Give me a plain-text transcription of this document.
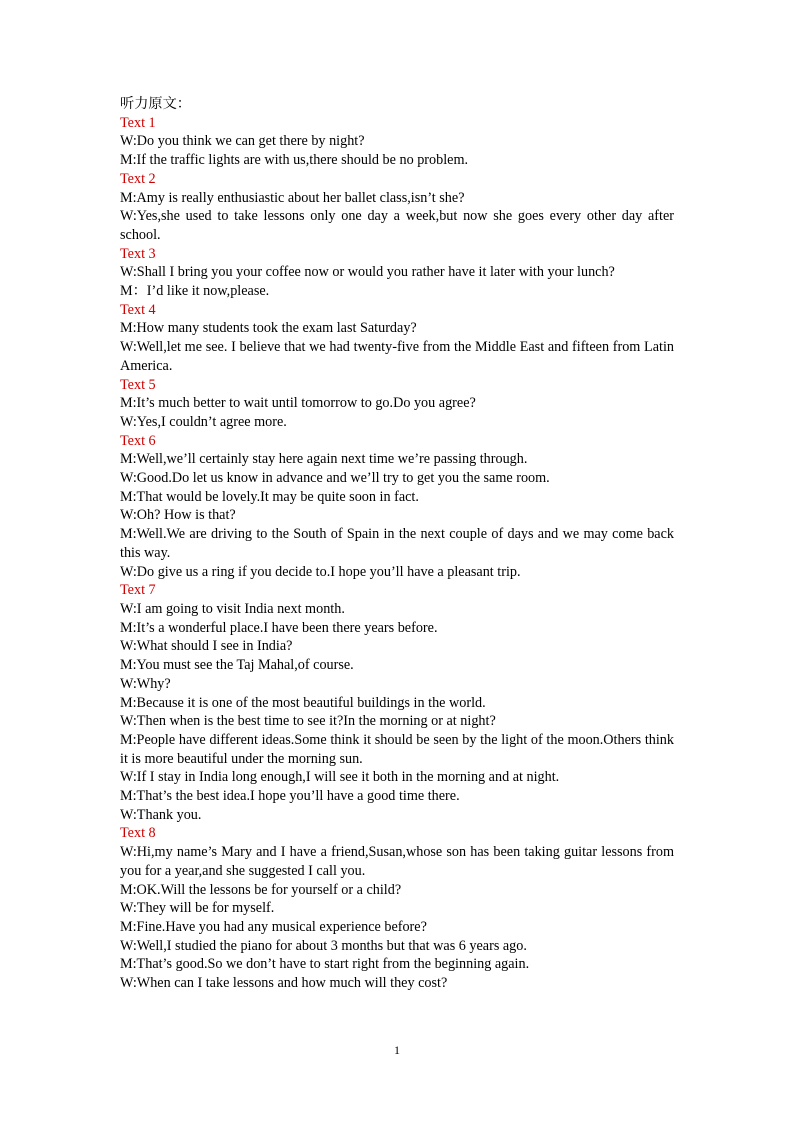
听力原文：

Text 1

W:Do you think we can get there by night?

M:If the traffic lights are with us,there should be no problem.

Text 2

M:Amy is really enthusiastic about her ballet class,isn’t she?

W:Yes,she used to take lessons only one day a week,but now she goes every other day after school.

Text 3

W:Shall I bring you your coffee now or would you rather have it later with your lunch?

M：I’d like it now,please.

Text 4

M:How many students took the exam last Saturday?

W:Well,let me see. I believe that we had twenty-five from the Middle East and fifteen from Latin America.

Text 5

M:It’s much better to wait until tomorrow to go.Do you agree?

W:Yes,I couldn’t agree more.

Text 6

M:Well,we’ll certainly stay here again next time we’re passing through.

W:Good.Do let us know in advance and we’ll try to get you the same room.

M:That would be lovely.It may be quite soon in fact.

W:Oh? How is that?

M:Well.We are driving to the South of Spain in the next couple of days and we may come back this way.

W:Do give us a ring if you decide to.I hope you’ll have a pleasant trip.

Text 7

W:I am going to visit India next month.

M:It’s a wonderful place.I have been there years before.

W:What should I see in India?

M:You must see the Taj Mahal,of course.

W:Why?

M:Because it is one of the most beautiful buildings in the world.

W:Then when is the best time to see it?In the morning or at night?

M:People have different ideas.Some think it should be seen by the light of the moon.Others think it is more beautiful under the morning sun.

W:If I stay in India long enough,I will see it both in the morning and at night.

M:That’s the best idea.I hope you’ll have a good time there.

W:Thank you.

Text 8

W:Hi,my name’s Mary and I have a friend,Susan,whose son has been taking guitar lessons from you for a year,and she suggested I call you.

M:OK.Will the lessons be for yourself or a child?

W:They will be for myself.

M:Fine.Have you had any musical experience before?

W:Well,I studied the piano for about 3 months but that was 6 years ago.

M:That’s good.So we don’t have to start right from the beginning again.

W:When can I take lessons and how much will they cost?

1
